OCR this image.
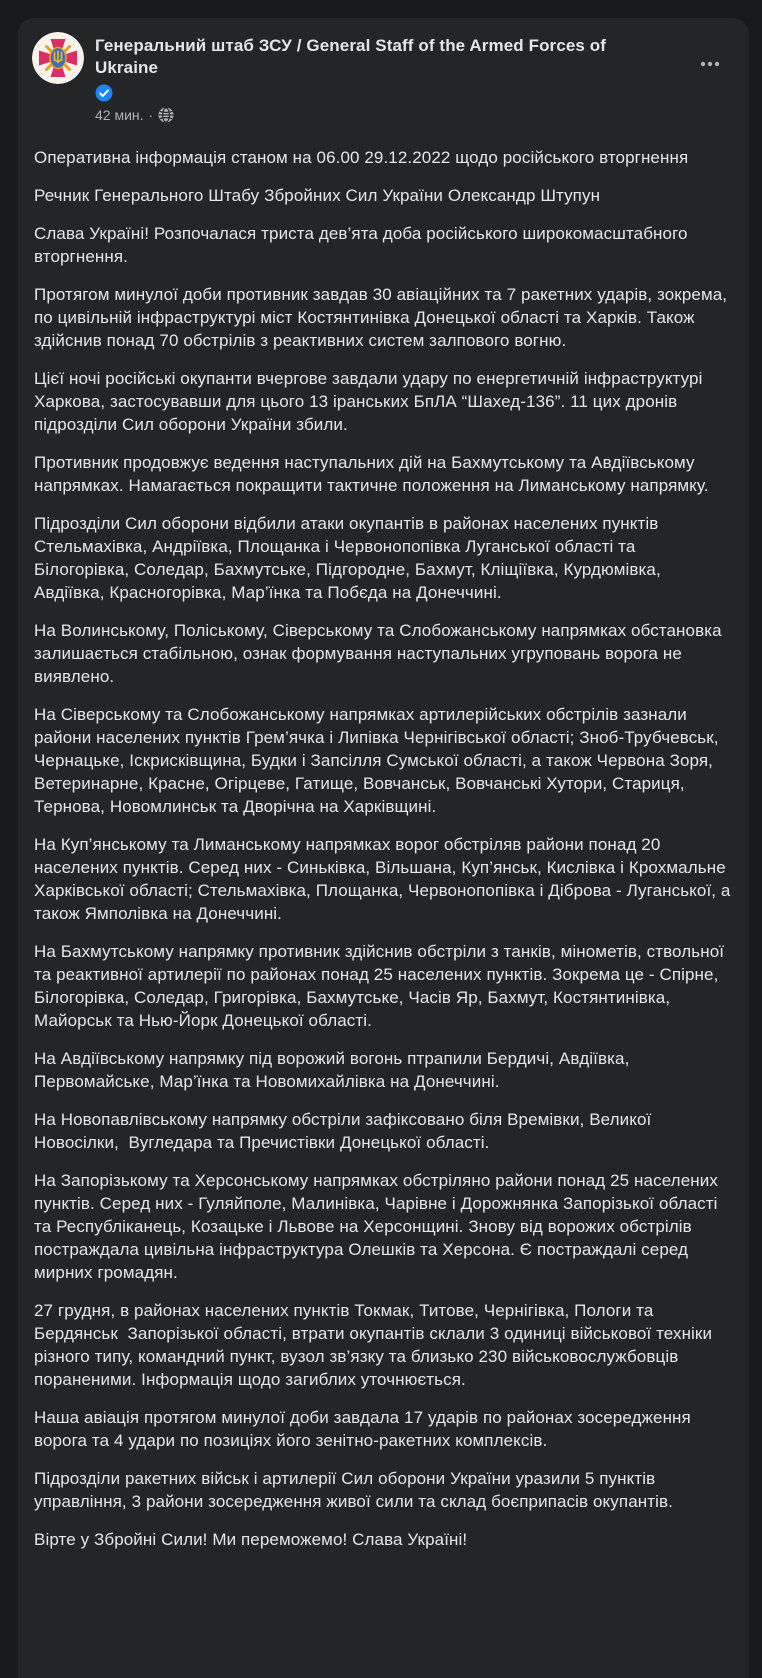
Генеральний штаб ЗСУ / General Staff of the Armed Forces of Ukraine
42 мин. ·

Оперативна інформація станом на 06.00 29.12.2022 щодо російського вторгнення

Речник Генерального Штабу Збройних Сил України Олександр Штупун

Слава Україні! Розпочалася триста дев’ята доба російського широкомасштабного вторгнення.

Протягом минулої доби противник завдав 30 авіаційних та 7 ракетних ударів, зокрема, по цивільній інфраструктурі міст Костянтинівка Донецької області та Харків. Також здійснив понад 70 обстрілів з реактивних систем залпового вогню.

Цієї ночі російські окупанти вчергове завдали удару по енергетичній інфраструктурі Харкова, застосувавши для цього 13 іранських БпЛА “Шахед-136”. 11 цих дронів підрозділи Сил оборони України збили.

Противник продовжує ведення наступальних дій на Бахмутському та Авдіївському напрямках. Намагається покращити тактичне положення на Лиманському напрямку.

Підрозділи Сил оборони відбили атаки окупантів в районах населених пунктів Стельмахівка, Андріївка, Площанка і Червонопопівка Луганської області та Білогорівка, Соледар, Бахмутське, Підгородне, Бахмут, Кліщіївка, Курдюмівка, Авдіївка, Красногорівка, Мар’їнка та Побєда на Донеччині.

На Волинському, Поліському, Сіверському та Слобожанському напрямках обстановка залишається стабільною, ознак формування наступальних угруповань ворога не виявлено.

На Сіверському та Слобожанському напрямках артилерійських обстрілів зазнали райони населених пунктів Грем’ячка і Липівка Чернігівської області; Зноб-Трубчевськ, Чернацьке, Іскрисківщина, Будки і Запсілля Сумської області, а також Червона Зоря, Ветеринарне, Красне, Огірцеве, Гатище, Вовчанськ, Вовчанські Хутори, Стариця, Тернова, Новомлинськ та Дворічна на Харківщині.

На Куп’янському та Лиманському напрямках ворог обстріляв райони понад 20 населених пунктів. Серед них - Синьківка, Вільшана, Куп’янськ, Кислівка і Крохмальне Харківської області; Стельмахівка, Площанка, Червонопопівка і Діброва - Луганської, а також Ямполівка на Донеччині.

На Бахмутському напрямку противник здійснив обстріли з танків, мінометів, ствольної та реактивної артилерії по районах понад 25 населених пунктів. Зокрема це - Спірне, Білогорівка, Соледар, Григорівка, Бахмутське, Часів Яр, Бахмут, Костянтинівка, Майорськ та Нью-Йорк Донецької області.

На Авдіївському напрямку під ворожий вогонь птрапили Бердичі, Авдіївка, Первомайське, Мар’їнка та Новомихайлівка на Донеччині.

На Новопавлівському напрямку обстріли зафіксовано біля Времівки, Великої Новосілки,  Вугледара та Пречистівки Донецької області.

На Запорізькому та Херсонському напрямках обстріляно райони понад 25 населених пунктів. Серед них - Гуляйполе, Малинівка, Чарівне і Дорожнянка Запорізької області та Республіканець, Козацьке і Львове на Херсонщині. Знову від ворожих обстрілів постраждала цивільна інфраструктура Олешків та Херсона. Є постраждалі серед мирних громадян.

27 грудня, в районах населених пунктів Токмак, Титове, Чернігівка, Пологи та Бердянськ  Запорізької області, втрати окупантів склали 3 одиниці військової техніки різного типу, командний пункт, вузол зв’язку та близько 230 військовослужбовців пораненими. Інформація щодо загиблих уточнюється.

Наша авіація протягом минулої доби завдала 17 ударів по районах зосередження ворога та 4 удари по позиціях його зенітно-ракетних комплексів.

Підрозділи ракетних військ і артилерії Сил оборони України уразили 5 пунктів управління, 3 райони зосередження живої сили та склад боєприпасів окупантів.

Вірте у Збройні Сили! Ми переможемо! Слава Україні!
